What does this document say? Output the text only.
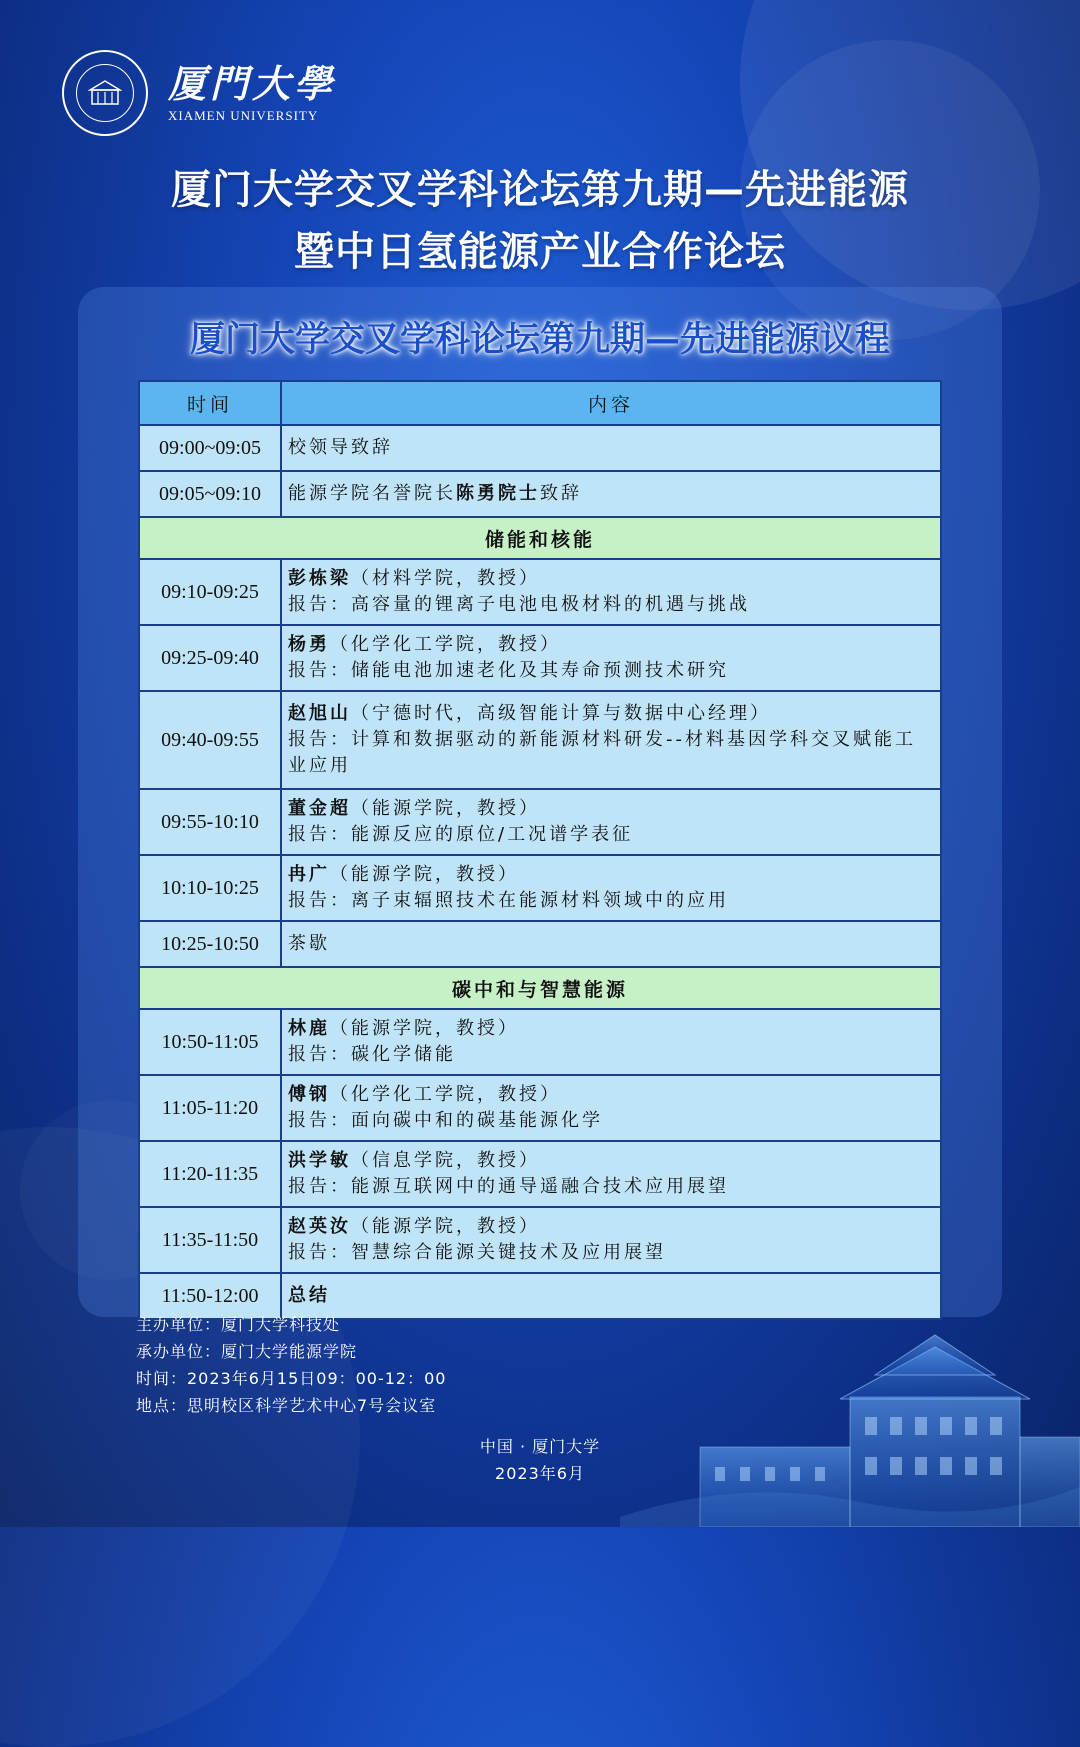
厦門大學
XIAMEN UNIVERSITY
厦门大学交叉学科论坛第九期—先进能源
暨中日氢能源产业合作论坛
厦门大学交叉学科论坛第九期—先进能源议程
时间	内容
09:00~09:05	校领导致辞
09:05~09:10	能源学院名誉院长陈勇院士致辞
储能和核能	
09:10-09:25	彭栋梁（材料学院，教授）
报告：高容量的锂离子电池电极材料的机遇与挑战
09:25-09:40	杨勇（化学化工学院，教授）
报告：储能电池加速老化及其寿命预测技术研究
09:40-09:55	赵旭山（宁德时代，高级智能计算与数据中心经理）
报告：计算和数据驱动的新能源材料研发--材料基因学科交叉赋能工业应用
09:55-10:10	董金超（能源学院，教授）
报告：能源反应的原位/工况谱学表征
10:10-10:25	冉广（能源学院，教授）
报告：离子束辐照技术在能源材料领域中的应用
10:25-10:50	茶歇
碳中和与智慧能源	
10:50-11:05	林鹿（能源学院，教授）
报告：碳化学储能
11:05-11:20	傅钢（化学化工学院，教授）
报告：面向碳中和的碳基能源化学
11:20-11:35	洪学敏（信息学院，教授）
报告：能源互联网中的通导遥融合技术应用展望
11:35-11:50	赵英汝（能源学院，教授）
报告：智慧综合能源关键技术及应用展望
11:50-12:00	总结
主办单位：厦门大学科技处
承办单位：厦门大学能源学院
时间：2023年6月15日09：00-12：00
地点：思明校区科学艺术中心7号会议室
中国 · 厦门大学
2023年6月
